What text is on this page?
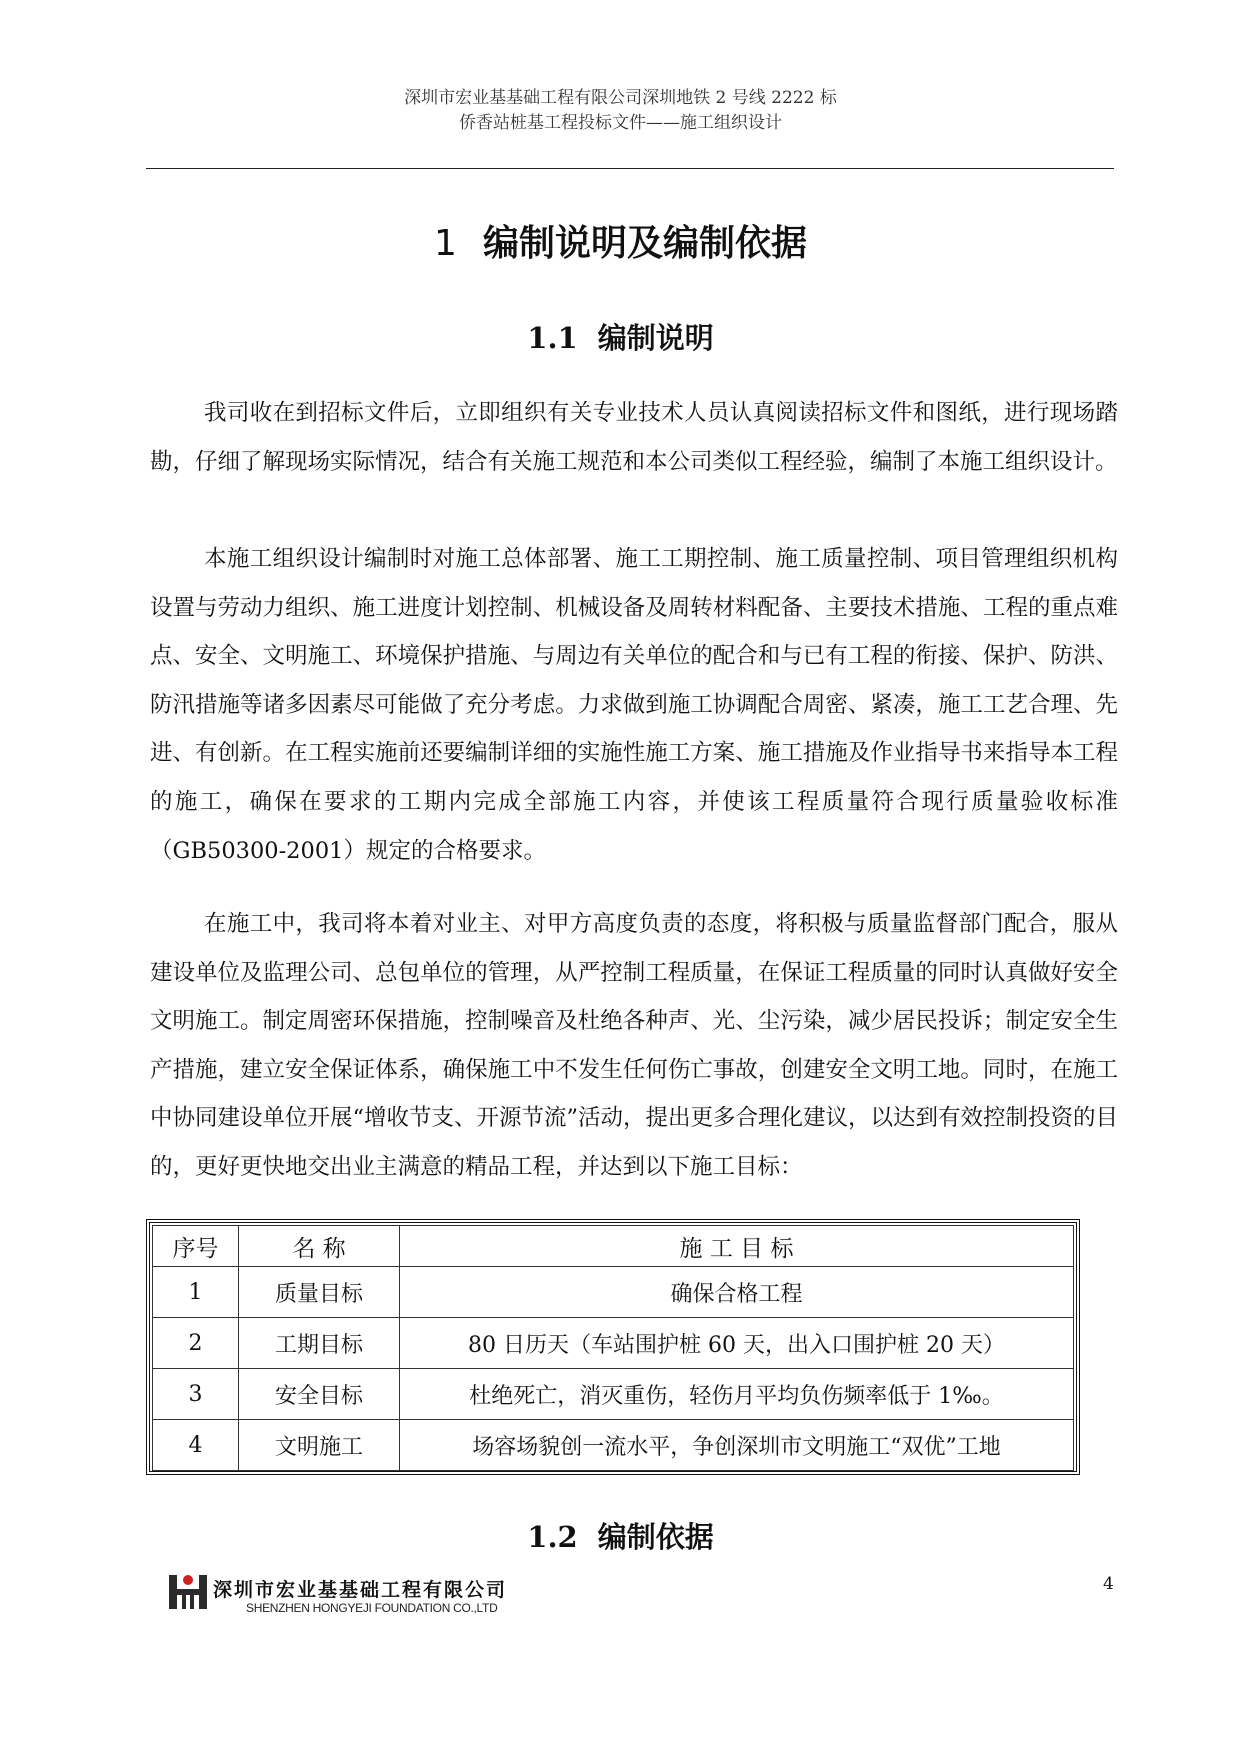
深圳市宏业基基础工程有限公司深圳地铁 2 号线 2222 标
侨香站桩基工程投标文件——施工组织设计
1 编制说明及编制依据
1.1 编制说明

我司收在到招标文件后，立即组织有关专业技术人员认真阅读招标文件和图纸，进行现场踏勘，仔细了解现场实际情况，结合有关施工规范和本公司类似工程经验，编制了本施工组织设计。

本施工组织设计编制时对施工总体部署、施工工期控制、施工质量控制、项目管理组织机构设置与劳动力组织、施工进度计划控制、机械设备及周转材料配备、主要技术措施、工程的重点难点、安全、文明施工、环境保护措施、与周边有关单位的配合和与已有工程的衔接、保护、防洪、防汛措施等诸多因素尽可能做了充分考虑。力求做到施工协调配合周密、紧凑，施工工艺合理、先进、有创新。在工程实施前还要编制详细的实施性施工方案、施工措施及作业指导书来指导本工程的施工，确保在要求的工期内完成全部施工内容，并使该工程质量符合现行质量验收标准（GB50300-2001）规定的合格要求。

在施工中，我司将本着对业主、对甲方高度负责的态度，将积极与质量监督部门配合，服从建设单位及监理公司、总包单位的管理，从严控制工程质量，在保证工程质量的同时认真做好安全文明施工。制定周密环保措施，控制噪音及杜绝各种声、光、尘污染，减少居民投诉；制定安全生产措施，建立安全保证体系，确保施工中不发生任何伤亡事故，创建安全文明工地。同时，在施工中协同建设单位开展“增收节支、开源节流”活动，提出更多合理化建议，以达到有效控制投资的目的，更好更快地交出业主满意的精品工程，并达到以下施工目标：

序号	名 称	施 工 目 标
1	质量目标	确保合格工程
2	工期目标	80 日历天（车站围护桩 60 天，出入口围护桩 20 天）
3	安全目标	杜绝死亡，消灭重伤，轻伤月平均负伤频率低于 1‰。
4	文明施工	场容场貌创一流水平，争创深圳市文明施工“双优”工地
1.2 编制依据
深圳市宏业基基础工程有限公司
SHENZHEN HONGYEJI FOUNDATION CO.,LTD
4
